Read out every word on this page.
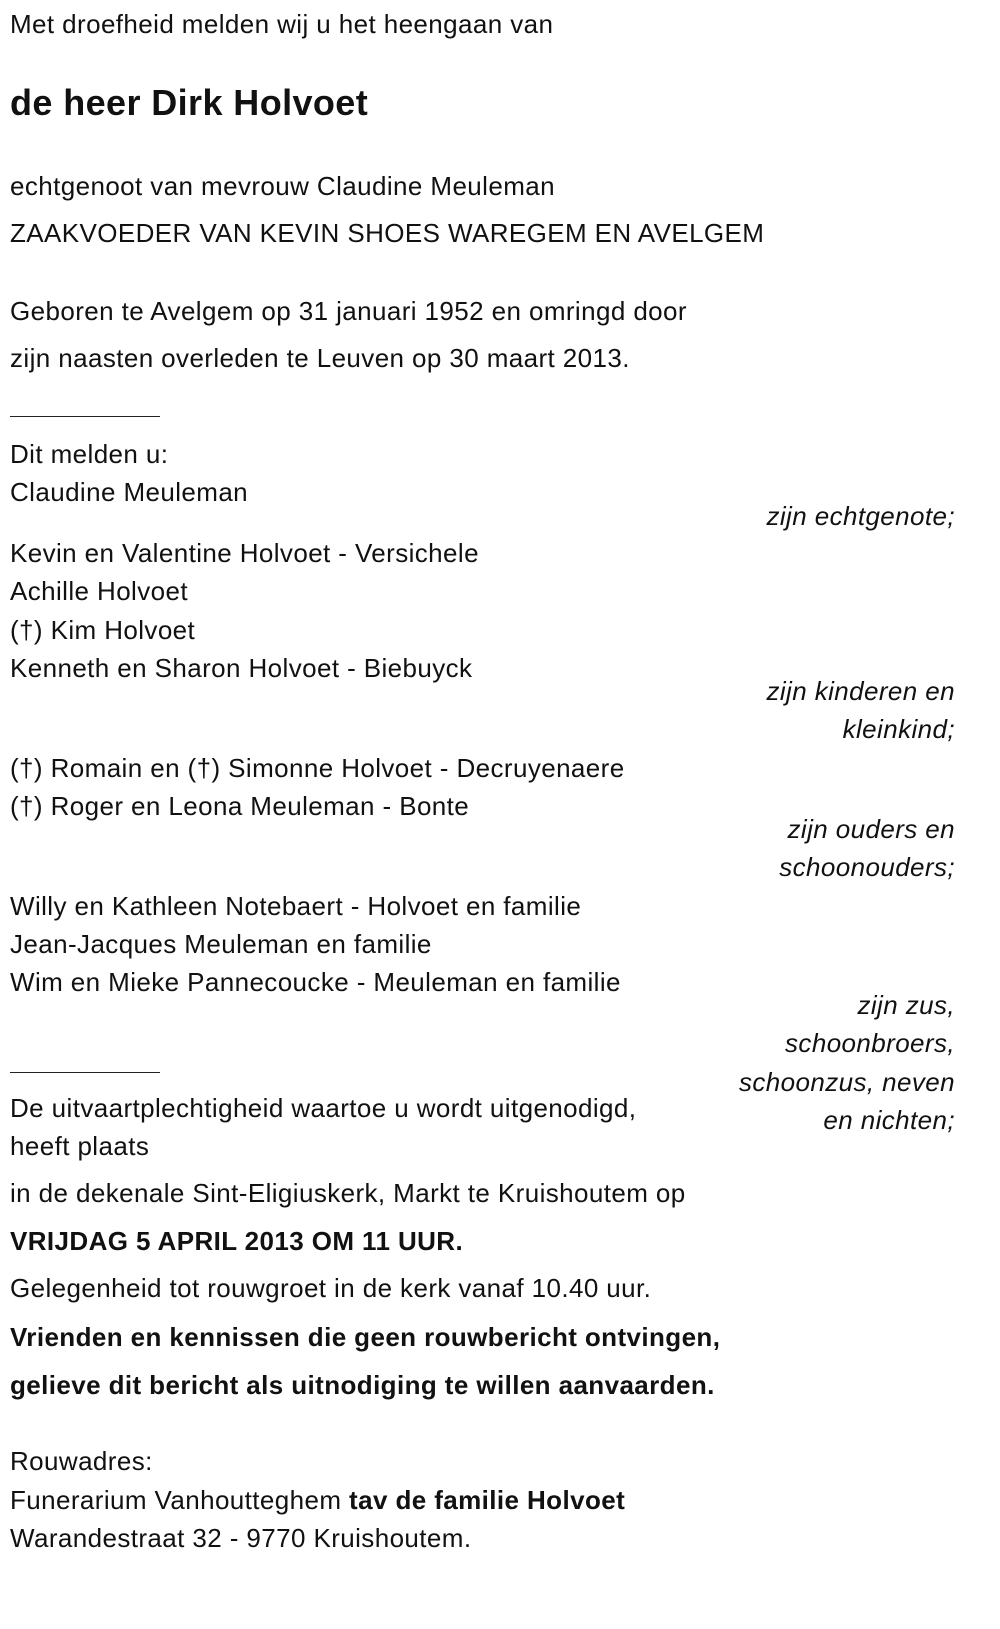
Met droefheid melden wij u het heengaan van
de heer Dirk Holvoet
echtgenoot van mevrouw Claudine Meuleman
ZAAKVOEDER VAN KEVIN SHOES WAREGEM EN AVELGEM
Geboren te Avelgem op 31 januari 1952 en omringd door
zijn naasten overleden te Leuven op 30 maart 2013.
Dit melden u:
Claudine Meuleman
zijn echtgenote;
Kevin en Valentine Holvoet - Versichele
Achille Holvoet
(†) Kim Holvoet
Kenneth en Sharon Holvoet - Biebuyck
zijn kinderen en
kleinkind;
(†) Romain en (†) Simonne Holvoet - Decruyenaere
(†) Roger en Leona Meuleman - Bonte
zijn ouders en
schoonouders;
Willy en Kathleen Notebaert - Holvoet en familie
Jean-Jacques Meuleman en familie
Wim en Mieke Pannecoucke - Meuleman en familie
zijn zus,
schoonbroers,
schoonzus, neven
en nichten;
De uitvaartplechtigheid waartoe u wordt uitgenodigd,
heeft plaats
in de dekenale Sint-Eligiuskerk, Markt te Kruishoutem op
VRIJDAG 5 APRIL 2013 OM 11 UUR.
Gelegenheid tot rouwgroet in de kerk vanaf 10.40 uur.
Vrienden en kennissen die geen rouwbericht ontvingen,
gelieve dit bericht als uitnodiging te willen aanvaarden.
Rouwadres:
Funerarium Vanhoutteghem tav de familie Holvoet
Warandestraat 32 - 9770 Kruishoutem.
